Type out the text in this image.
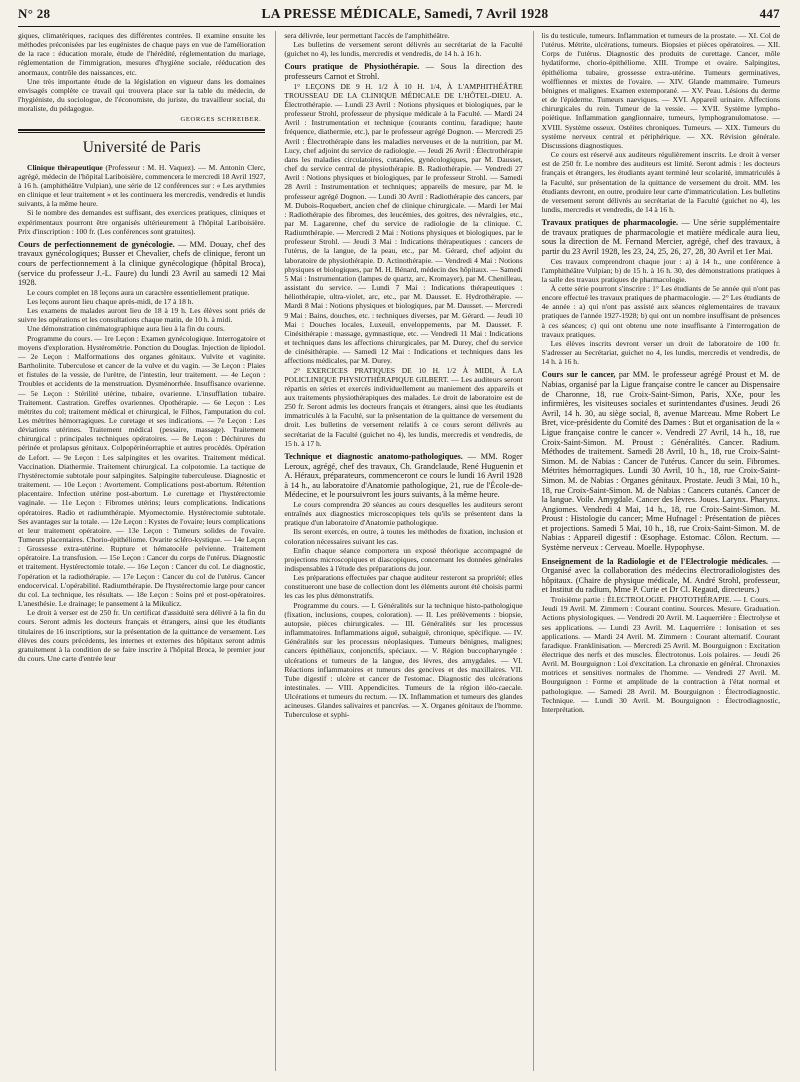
N° 28	LA PRESSE MÉDICALE, Samedi, 7 Avril 1928	447

giques, climatériques, raciques des différentes contrées. Il examine ensuite les méthodes préconisées par les eugénistes de chaque pays en vue de l'amélioration de la race : éducation morale, étude de l'hérédité, réglementation du mariage, réglementation de l'immigration, mesures d'hygiène sociale, rééducation des anormaux, contrôle des naissances, etc.

Une très importante étude de la législation en vigueur dans les domaines envisagés complète ce travail qui trouvera place sur la table du médecin, de l'hygiéniste, du sociologue, de l'économiste, du juriste, du travailleur social, du moraliste, du pédagogue.

GEORGES SCHREIBER.
Université de Paris

Clinique thérapeutique (Professeur : M. H. Vaquez). — M. Antonin Clerc, agrégé, médecin de l'hôpital Lariboisière, commencera le mercredi 18 Avril 1927, à 16 h. (amphithéâtre Vulpian), une série de 12 conférences sur : « Les arythmies en clinique et leur traitement » et les continuera les mercredis, vendredis et lundis suivants, à la même heure.

Si le nombre des demandes est suffisant, des exercices pratiques, cliniques et expérimentaux pourront être organisés ultérieurement à l'hôpital Lariboisière. Prix d'inscription : 100 fr. (Les conférences sont gratuites).

Cours de perfectionnement de gynécologie. — MM. Douay, chef des travaux gynécologiques; Busser et Chevalier, chefs de clinique, feront un cours de perfectionnement à la clinique gynécologique (hôpital Broca), (service du professeur J.-L. Faure) du lundi 23 Avril au samedi 12 Mai 1928.

Le cours complet en 18 leçons aura un caractère essentiellement pratique.

Les leçons auront lieu chaque après-midi, de 17 à 18 h.

Les examens de malades auront lieu de 18 à 19 h. Les élèves sont priés de suivre les opérations et les consultations chaque matin, de 10 h. à midi.

Une démonstration cinématographique aura lieu à la fin du cours.

Programme du cours. — 1re Leçon : Examen gynécologique. Interrogatoire et moyens d'exploration. Hystérométrie. Ponction du Douglas. Injection de lipiodol. — 2e Leçon : Malformations des organes génitaux. Vulvite et vaginite. Bartholinite. Tuberculose et cancer de la vulve et du vagin. — 3e Leçon : Plaies et fistules de la vessie, de l'urètre, de l'intestin, leur traitement. — 4e Leçon : Troubles et accidents de la menstruation. Dysménorrhée. Insuffisance ovarienne. — 5e Leçon : Stérilité utérine, tubaire, ovarienne. L'insufflation tubaire. Traitement. Castration. Greffes ovariennes. Opothérapie. — 6e Leçon : Les métrites du col; traitement médical et chirurgical, le Filhos, l'amputation du col. Les métrites hémorragiques. Le curetage et ses indications. — 7e Leçon : Les déviations utérines. Traitement médical (pessaire, massage). Traitement chirurgical : principales techniques opératoires. — 8e Leçon : Déchirures du périnée et prolapsus génitaux. Colpopérinéorraphie et autres procédés. Opération de Lefort. — 9e Leçon : Les salpingites et les ovarites. Traitement médical. Vaccination. Diathermie. Traitement chirurgical. La colpotomie. La tactique de l'hystérectomie subtotale pour salpingites. Salpingite tuberculeuse. Diagnostic et traitement. — 10e Leçon : Avortement. Complications post-abortum. Rétention placentaire. Infection utérine post-abortum. Le curettage et l'hystérectomie vaginale. — 11e Leçon : Fibromes utérins; leurs complications. Indications opératoires. Radio et radiumthérapie. Myomectomie. Hystérectomie subtotale. Ses avantages sur la totale. — 12e Leçon : Kystes de l'ovaire; leurs complications et leur traitement opératoire. — 13e Leçon : Tumeurs solides de l'ovaire. Tumeurs placentaires. Chorio-épithéliome. Ovarite scléro-kystique. — 14e Leçon : Grossesse extra-utérine. Rupture et hématocèle pelvienne. Traitement opératoire. La transfusion. — 15e Leçon : Cancer du corps de l'utérus. Diagnostic et traitement. Hystérectomie totale. — 16e Leçon : Cancer du col. Le diagnostic, l'opération et la radiothérapie. — 17e Leçon : Cancer du col de l'utérus. Cancer endocervical. L'opérabilité. Radiumthérapie. De l'hystérectomie large pour cancer du col. La technique, les résultats. — 18e Leçon : Soins pré et post-opératoires. L'anesthésie. Le drainage; le pansement à la Mikulicz.

Le droit à verser est de 250 fr. Un certificat d'assiduité sera délivré à la fin du cours. Seront admis les docteurs français et étrangers, ainsi que les étudiants titulaires de 16 inscriptions, sur la présentation de la quittance de versement. Les élèves des cours précédents, les internes et externes des hôpitaux seront admis gratuitement à la condition de se faire inscrire à l'hôpital Broca, le premier jour du cours. Une carte d'entrée leur

sera délivrée, leur permettant l'accès de l'amphithéâtre.

Les bulletins de versement seront délivrés au secrétariat de la Faculté (guichet no 4), les lundis, mercredis et vendredis, de 14 h. à 16 h.

Cours pratique de Physiothérapie. — Sous la direction des professeurs Carnot et Strohl.

1° LEÇONS DE 9 H. 1/2 À 10 H. 1/4, À L'AMPHITHÉÂTRE TROUSSEAU DE LA CLINIQUE MÉDICALE DE L'HÔTEL-DIEU. A. Électrothérapie. — Lundi 23 Avril : Notions physiques et biologiques, par le professeur Strohl, professeur de physique médicale à la Faculté. — Mardi 24 Avril : Instrumentation et technique (courants continu, faradique; haute fréquence, diathermie, etc.), par le professeur agrégé Dognon. — Mercredi 25 Avril : Électrothérapie dans les maladies nerveuses et de la nutrition, par M. Lucy, chef adjoint du service de radiologie. — Jeudi 26 Avril : Électrothérapie dans les maladies circulatoires, cutanées, gynécologiques, par M. Dausset, chef du service central de physiothérapie. B. Radiothérapie. — Vendredi 27 Avril : Notions physiques et biologiques, par le professeur Strohl. — Samedi 28 Avril : Instrumentation et techniques; appareils de mesure, par M. le professeur agrégé Dognon. — Lundi 30 Avril : Radiothérapie des cancers, par M. Dubois-Roquebert, ancien chef de clinique chirurgicale. — Mardi 1er Mai : Radiothérapie des fibromes, des leucémies, des goitres, des névralgies, etc., par M. Lagarenne, chef du service de radiologie de la clinique. C. Radiumthérapie. — Mercredi 2 Mai : Notions physiques et biologiques, par le professeur Strohl. — Jeudi 3 Mai : Indications thérapeutiques : cancers de l'utérus, de la langue, de la peau, etc., par M. Gérard, chef adjoint du laboratoire de physiothérapie. D. Actinothérapie. — Vendredi 4 Mai : Notions physiques et biologiques, par M. H. Bénard, médecin des hôpitaux. — Samedi 5 Mai : Instrumentation (lampes de quartz, arc, Kromayer), par M. Chenilleau, assistant du service. — Lundi 7 Mai : Indications thérapeutiques : héliothérapie, ultra-violet, arc, etc., par M. Dausset. E. Hydrothérapie. — Mardi 8 Mai : Notions physiques et biologiques, par M. Dausset. — Mercredi 9 Mai : Bains, douches, etc. : techniques diverses, par M. Gérard. — Jeudi 10 Mai : Douches locales, Luxeuil, enveloppements, par M. Dausset. F. Cinésithérapie : massage, gymnastique, etc. — Vendredi 11 Mai : Indications et techniques dans les affections chirurgicales, par M. Durey, chef du service de cinésithérapie. — Samedi 12 Mai : Indications et techniques dans les affections médicales, par M. Durey.

2° EXERCICES PRATIQUES DE 10 H. 1/2 À MIDI, À LA POLICLINIQUE PHYSIOTHÉRAPIQUE GILBERT. — Les auditeurs seront répartis en séries et exercés individuellement au maniement des appareils et aux traitements physiothérapiques des malades. Le droit de laboratoire est de 250 fr. Seront admis les docteurs français et étrangers, ainsi que les étudiants immatriculés à la Faculté, sur la présentation de la quittance de versement du droit. Les bulletins de versement relatifs à ce cours seront délivrés au secrétariat de la Faculté (guichet no 4), les lundis, mercredis et vendredis, de 15 h. à 17 h.

Technique et diagnostic anatomo-pathologiques. — MM. Roger Leroux, agrégé, chef des travaux, Ch. Grandclaude, René Huguenin et A. Héraux, préparateurs, commenceront ce cours le lundi 16 Avril 1928 à 14 h., au laboratoire d'Anatomie pathologique, 21, rue de l'École-de-Médecine, et le poursuivront les jours suivants, à la même heure.

Le cours comprendra 20 séances au cours desquelles les auditeurs seront entraînés aux diagnostics microscopiques tels qu'ils se présentent dans la pratique d'un laboratoire d'Anatomie pathologique.

Ils seront exercés, en outre, à toutes les méthodes de fixation, inclusion et coloration nécessaires suivant les cas.

Enfin chaque séance comportera un exposé théorique accompagné de projections microscopiques et diascopiques, concernant les données générales indispensables à l'étude des préparations du jour.

Les préparations effectuées par chaque auditeur resteront sa propriété; elles constitueront une base de collection dont les éléments auront été choisis parmi les cas les plus démonstratifs.

Programme du cours. — I. Généralités sur la technique histo-pathologique (fixation, inclusions, coupes, coloration). — II. Les prélèvements : biopsie, autopsie, pièces chirurgicales. — III. Généralités sur les processus inflammatoires. Inflammations aiguë, subaiguë, chronique, spécifique. — IV. Généralités sur les processus néoplasiques. Tumeurs bénignes, malignes; cancers épithéliaux, conjonctifs, spéciaux. — V. Région buccopharyngée : ulcérations et tumeurs de la langue, des lèvres, des amygdales. — VI. Réactions inflammatoires et tumeurs des gencives et des maxillaires. VII. Tube digestif : ulcère et cancer de l'estomac. Diagnostic des ulcérations intestinales. — VIII. Appendicites. Tumeurs de la région iléo-caecale. Ulcérations et tumeurs du rectum. — IX. Inflammation et tumeurs des glandes acineuses. Glandes salivaires et pancréas. — X. Organes génitaux de l'homme. Tuberculose et syphi-

lis du testicule, tumeurs. Inflammation et tumeurs de la prostate. — XI. Col de l'utérus. Métrite, ulcérations, tumeurs. Biopsies et pièces opératoires. — XII. Corps de l'utérus. Diagnostic des produits de curettage. Cancer, môle hydatiforme, chorio-épithéliome. XIII. Trompe et ovaire. Salpingites, épithélioma tubaire, grossesse extra-utérine. Tumeurs germinatives, wolffiennes et mixtes de l'ovaire. — XIV. Glande mammaire. Tumeurs bénignes et malignes. Examen extemporané. — XV. Peau. Lésions du derme et de l'épiderme. Tumeurs naeviques. — XVI. Appareil urinaire. Affections chirurgicales du rein. Tumeur de la vessie. — XVII. Système lympho-poiétique. Inflammation ganglionnaire, tumeurs, lymphogranulomatose. — XVIII. Système osseux. Ostéites chroniques. Tumeurs. — XIX. Tumeurs du système nerveux central et périphérique. — XX. Révision générale. Discussions diagnostiques.

Ce cours est réservé aux auditeurs régulièrement inscrits. Le droit à verser est de 250 fr. Le nombre des auditeurs est limité. Seront admis : les docteurs français et étrangers, les étudiants ayant terminé leur scolarité, immatriculés à la Faculté, sur présentation de la quittance de versement du droit. MM. les étudiants devront, en outre, produire leur carte d'immatriculation. Les bulletins de versement seront délivrés au secrétariat de la Faculté (guichet no 4), les lundis, mercredis et vendredis, de 14 à 16 h.

Travaux pratiques de pharmacologie. — Une série supplémentaire de travaux pratiques de pharmacologie et matière médicale aura lieu, sous la direction de M. Fernand Mercier, agrégé, chef des travaux, à partir du 23 Avril 1928, les 23, 24, 25, 26, 27, 28, 30 Avril et 1er Mai.

Ces travaux comprendront chaque jour : a) à 14 h., une conférence à l'amphithéâtre Vulpian; b) de 15 h. à 16 h. 30, des démonstrations pratiques à la salle des travaux pratiques de pharmacologie.

À cette série pourront s'inscrire : 1° Les étudiants de 5e année qui n'ont pas encore effectué les travaux pratiques de pharmacologie. — 2° Les étudiants de 4e année : a) qui n'ont pas assisté aux séances réglementaires de travaux pratiques de l'année 1927-1928; b) qui ont un nombre insuffisant de présences à ces séances; c) qui ont obtenu une note insuffisante à l'interrogation de travaux pratiques.

Les élèves inscrits devront verser un droit de laboratoire de 100 fr. S'adresser au Secrétariat, guichet no 4, les lundis, mercredis et vendredis, de 14 h. à 16 h.

Cours sur le cancer, par MM. le professeur agrégé Proust et M. de Nabias, organisé par la Ligue française contre le cancer au Dispensaire de Charonne, 18, rue Croix-Saint-Simon, Paris, XXe, pour les infirmières, les visiteuses sociales et surintendantes d'usines. Jeudi 26 Avril, 14 h. 30, au siège social, 8, avenue Marceau. Mme Robert Le Bret, vice-présidente du Comité des Dames : But et organisation de la « Ligue française contre le cancer ». Vendredi 27 Avril, 14 h., 18, rue Croix-Saint-Simon. M. Proust : Généralités. Cancer. Radium. Méthodes de traitement. Samedi 28 Avril, 10 h., 18, rue Croix-Saint-Simon. M. de Nabias : Cancer de l'utérus. Cancer du sein. Fibromes. Métrites hémorragiques. Lundi 30 Avril, 10 h., 18, rue Croix-Saint-Simon. M. de Nabias : Organes génitaux. Prostate. Jeudi 3 Mai, 10 h., 18, rue Croix-Saint-Simon. M. de Nabias : Cancers cutanés. Cancer de la langue. Voile. Amygdale. Cancer des lèvres. Joues. Larynx. Pharynx. Angiomes. Vendredi 4 Mai, 14 h., 18, rue Croix-Saint-Simon. M. Proust : Histologie du cancer; Mme Hufnagel : Présentation de pièces et projections. Samedi 5 Mai, 10 h., 18, rue Croix-Saint-Simon. M. de Nabias : Appareil digestif : Œsophage. Estomac. Côlon. Rectum. — Système nerveux : Cerveau. Moelle. Hypophyse.

Enseignement de la Radiologie et de l'Electrologie médicales. — Organisé avec la collaboration des médecins électroradiologistes des hôpitaux. (Chaire de physique médicale, M. André Strohl, professeur, et Institut du radium, Mme P. Curie et Dr Cl. Regaud, directeurs.)

Troisième partie : ÉLECTROLOGIE. PHOTOTHÉRAPIE. — I. Cours. — Jeudi 19 Avril. M. Zimmern : Courant continu. Sources. Mesure. Graduation. Actions physiologiques. — Vendredi 20 Avril. M. Laquerrière : Électrolyse et ses applications. — Lundi 23 Avril. M. Laquerrière : Ionisation et ses applications. — Mardi 24 Avril. M. Zimmern : Courant alternatif. Courant faradique. Franklinisation. — Mercredi 25 Avril. M. Bourguignon : Excitation électrique des nerfs et des muscles. Électrotonus. Lois polaires. — Jeudi 26 Avril. M. Bourguignon : Loi d'excitation. La chronaxie en général. Chronaxies motrices et sensitives normales de l'homme. — Vendredi 27 Avril. M. Bourguignon : Forme et amplitude de la contraction à l'état normal et pathologique. — Samedi 28 Avril. M. Bourguignon : Électrodiagnostic. Technique. — Lundi 30 Avril. M. Bourguignon : Électrodiagnostic, Interprétation.
